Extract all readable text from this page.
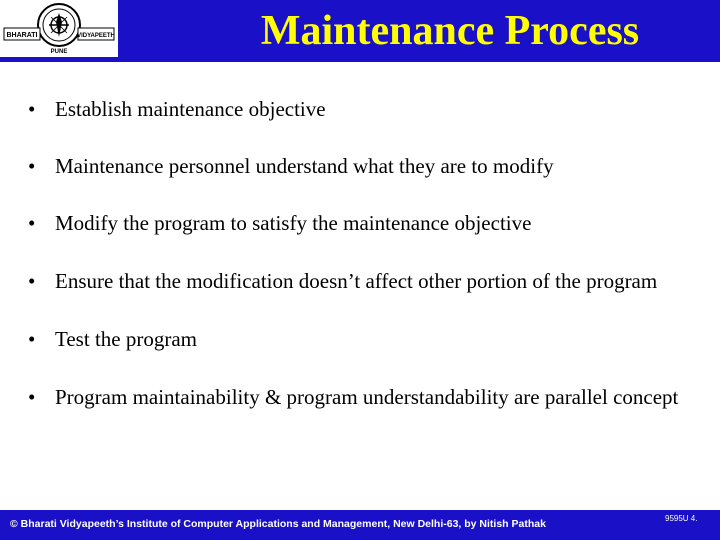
BHARATI	VIDYAPEETH
PUNE	Maintenance Process
• Establish maintenance objective
• Maintenance personnel understand what they are to modify
• Modify the program to satisfy the maintenance objective
• Ensure that the modification doesn’t affect other portion of the program
• Test the program
• Program maintainability & program understandability are parallel concept
© Bharati Vidyapeeth’s Institute of Computer Applications and Management, New Delhi-63, by Nitish Pathak	9595U 4.
